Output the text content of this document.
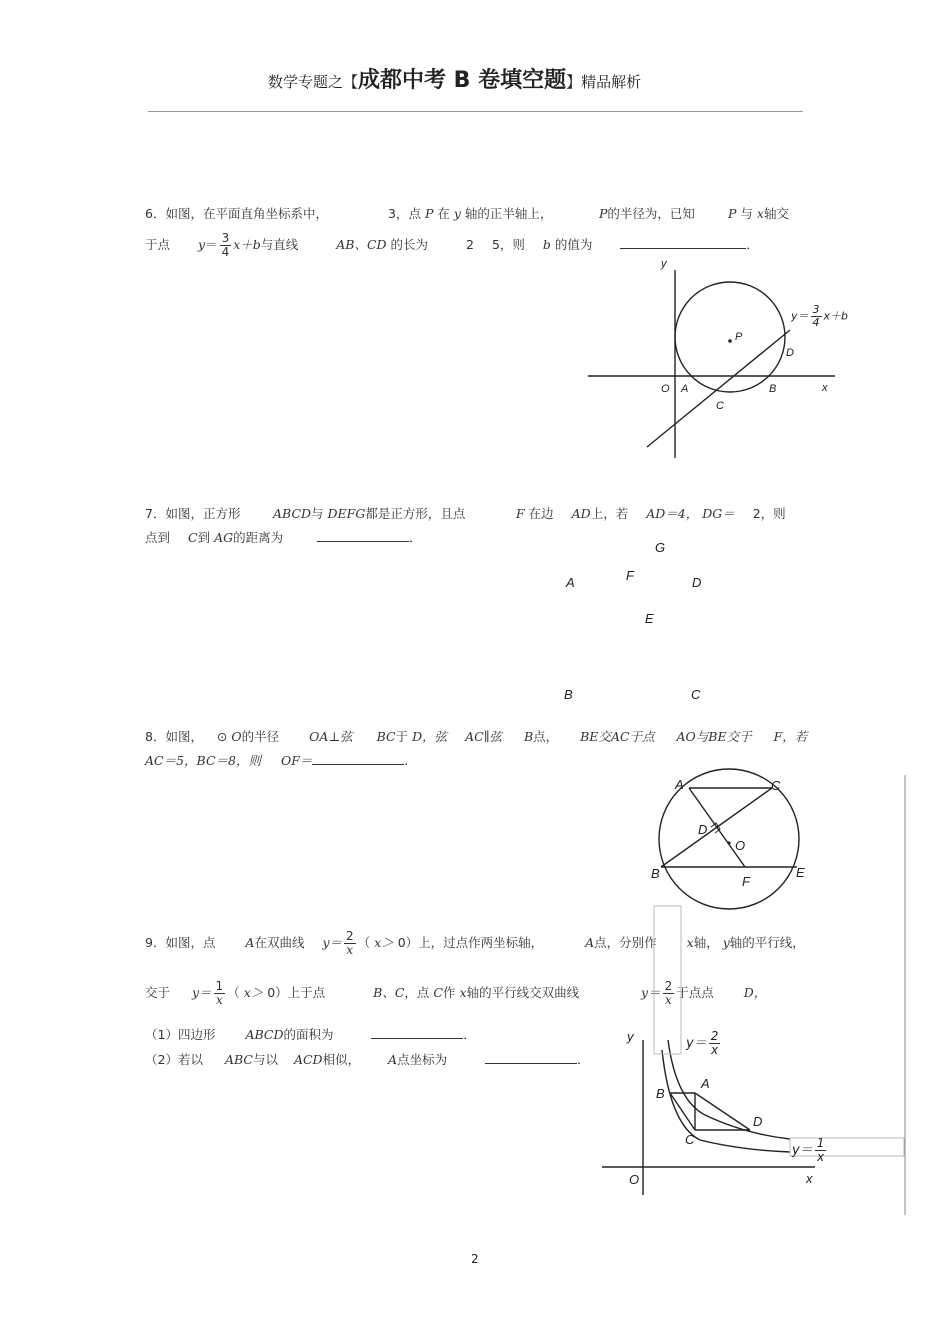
数学专题之【成都中考 B 卷填空题】精品解析
6．如图，在平面直角坐标系中，	3，点 P 在 y 轴的正半轴上，	P的半径为，已知	P 与 x轴交
于点 $y= \frac{3}{4} x+b$与直线	AB、CD 的长为	2 5，则 b 的值为	．
7．如图，正方形	ABCD与 DEFG都是正方形，且点	F 在边 AD上，若 AD＝4， DG＝ 2，则
点到 C到 AG的距离为	．
8．如图， ⊙ O的半径 OA⊥弦 BC于 D，弦 AC∥弦 B点， BE交AC于点 AO与BE交于 F，若
AC＝5，BC＝8，则 OF＝	．
9．如图，点 A在双曲线 $y= \frac{2}{x}$ （ x＞ 0）上，过点作两坐标轴，	A点，分别作 x轴， y轴的平行线，
交于 $y= \frac{1}{x}$ （ x＞ 0）上于点	B、C，点 C作 x轴的平行线交双曲线	$y= \frac{2}{x}$ 于点点 D，
（1）四边形 ABCD的面积为	．
（2）若以 ABC与以 ACD相似， A点坐标为	．
y
x
O A	B
C
D
P
$y= \frac{3}{4} x+b$
G
F
A	D
E
B	C
A	C
D
O
B	E
F
y
x
O
A
B
C
D
$y= \frac{2}{x}$
$y= \frac{1}{x}$
2
